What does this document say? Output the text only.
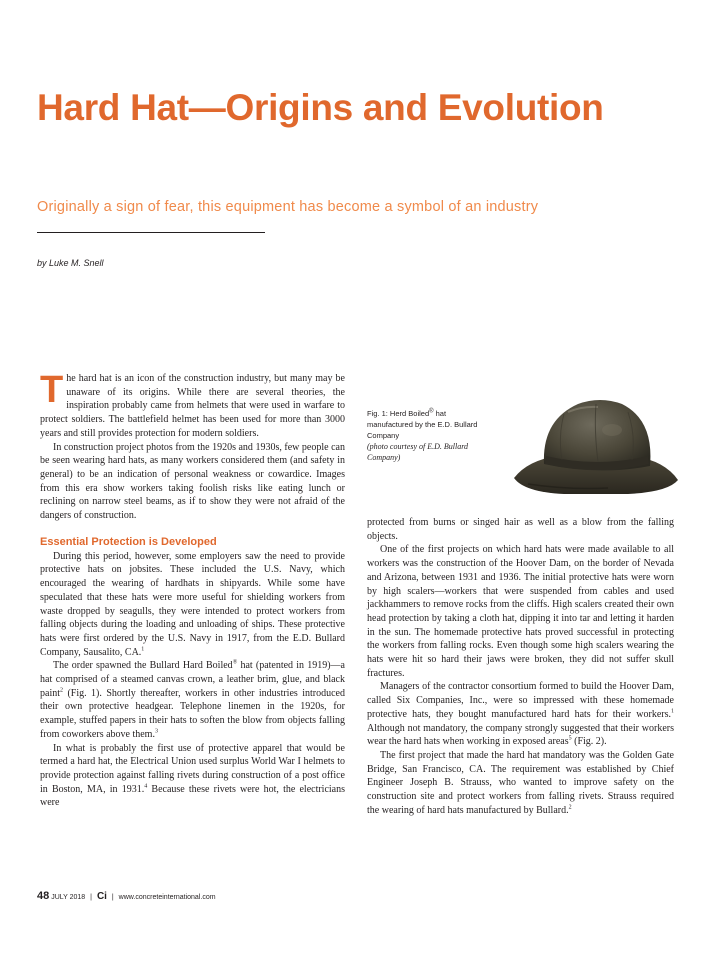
Hard Hat—Origins and Evolution
Originally a sign of fear, this equipment has become a symbol of an industry
by Luke M. Snell

The hard hat is an icon of the construction industry, but many may be unaware of its origins. While there are several theories, the inspiration probably came from helmets that were used in warfare to protect soldiers. The battlefield helmet has been used for more than 3000 years and still provides protection for modern soldiers.

In construction project photos from the 1920s and 1930s, few people can be seen wearing hard hats, as many workers considered them (and safety in general) to be an indication of personal weakness or cowardice. Images from this era show workers taking foolish risks like eating lunch or reclining on narrow steel beams, as if to show they were not afraid of the dangers of construction.

Essential Protection is Developed

During this period, however, some employers saw the need to provide protective hats on jobsites. These included the U.S. Navy, which encouraged the wearing of hardhats in shipyards. While some have speculated that these hats were more useful for shielding workers from waste dropped by seagulls, they were intended to protect workers from falling objects during the loading and unloading of ships. These protective hats were first ordered by the U.S. Navy in 1917, from the E.D. Bullard Company, Sausalito, CA.$^1$

The order spawned the Bullard Hard Boiled® hat (patented in 1919)—a hat comprised of a steamed canvas crown, a leather brim, glue, and black paint$^2$ (Fig. 1). Shortly thereafter, workers in other industries introduced their own protective headgear. Telephone linemen in the 1920s, for example, stuffed papers in their hats to soften the blow from objects falling from coworkers above them.$^3$

In what is probably the first use of protective apparel that would be termed a hard hat, the Electrical Union used surplus World War I helmets to provide protection against falling rivets during construction of a post office in Boston, MA, in 1931.$^4$ Because these rivets were hot, the electricians were

Fig. 1: Herd Boiled® hat manufactured by the E.D. Bullard Company
(photo courtesy of E.D. Bullard Company)

protected from burns or singed hair as well as a blow from the falling objects.

One of the first projects on which hard hats were made available to all workers was the construction of the Hoover Dam, on the border of Nevada and Arizona, between 1931 and 1936. The initial protective hats were worn by high scalers—workers that were suspended from cables and used jackhammers to remove rocks from the cliffs. High scalers created their own head protection by taking a cloth hat, dipping it into tar and letting it harden in the sun. The homemade protective hats proved successful in protecting the workers from falling rocks. Even though some high scalers wearing the hats were hit so hard their jaws were broken, they did not suffer skull fractures.

Managers of the contractor consortium formed to build the Hoover Dam, called Six Companies, Inc., were so impressed with these homemade protective hats, they bought manufactured hard hats for their workers.$^1$ Although not mandatory, the company strongly suggested that their workers wear the hard hats when working in exposed areas$^5$ (Fig. 2).

The first project that made the hard hat mandatory was the Golden Gate Bridge, San Francisco, CA. The requirement was established by Chief Engineer Joseph B. Strauss, who wanted to improve safety on the construction site and protect workers from falling rivets. Strauss required the wearing of hard hats manufactured by Bullard.$^2$

48 JULY 2018 | Ci | www.concreteinternational.com
